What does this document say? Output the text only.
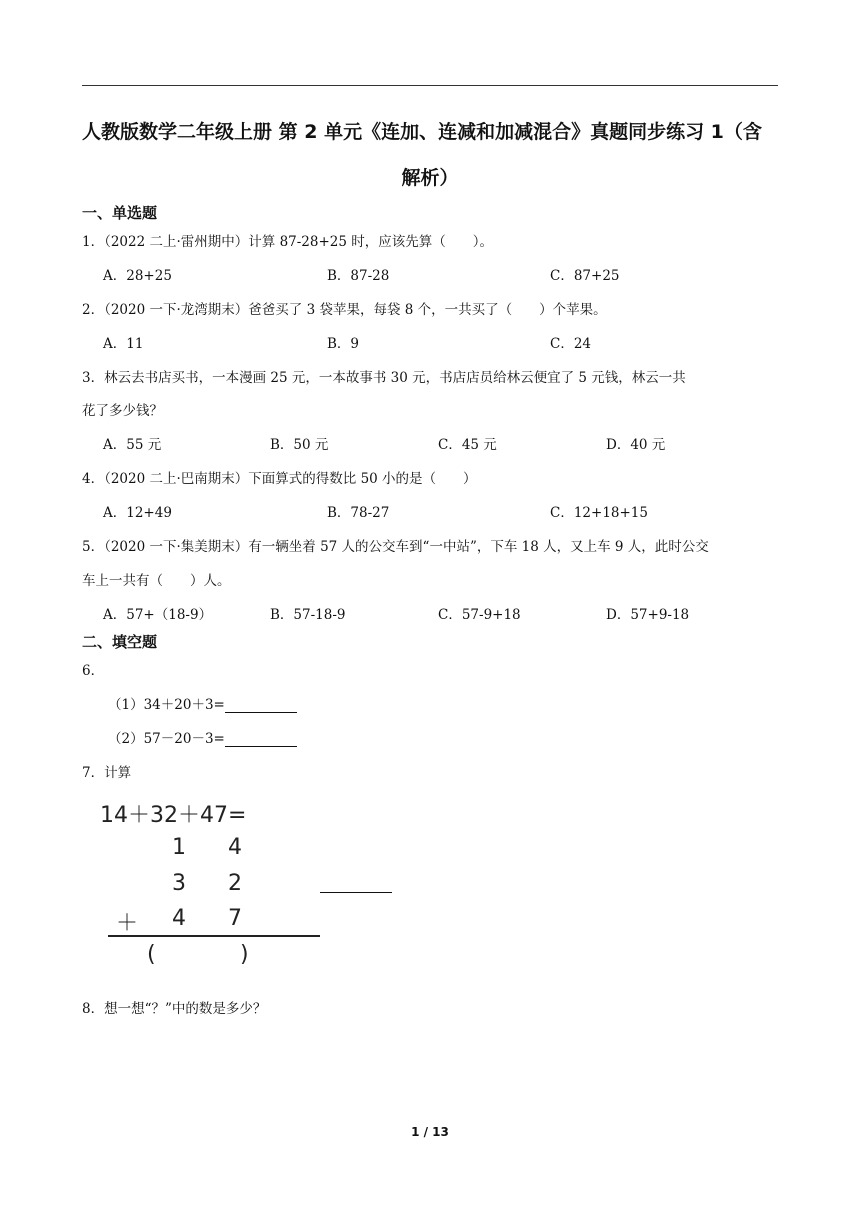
人教版数学二年级上册 第 2 单元《连加、连减和加减混合》真题同步练习 1（含
解析）
一、单选题
1．（2022 二上·雷州期中）计算 87-28+25 时，应该先算（　　）。
A．28+25	B．87-28	C．87+25
2．（2020 一下·龙湾期末）爸爸买了 3 袋苹果，每袋 8 个，一共买了（　　）个苹果。
A．11	B．9	C．24
3．林云去书店买书，一本漫画 25 元，一本故事书 30 元，书店店员给林云便宜了 5 元钱，林云一共
花了多少钱？
A．55 元	B．50 元	C．45 元	D．40 元
4．（2020 二上·巴南期末）下面算式的得数比 50 小的是（　　）
A．12+49	B．78-27	C．12+18+15
5．（2020 一下·集美期末）有一辆坐着 57 人的公交车到“一中站”，下车 18 人，又上车 9 人，此时公交
车上一共有（　　）人。
A．57+（18-9）	B．57-18-9	C．57-9+18	D．57+9-18
二、填空题
6．
（1）34＋20＋3=
（2）57－20－3=
7．计算
14＋32＋47=
1 4
3 2
＋ 4 7
(	)
8．想一想“？”中的数是多少？
1 / 13
